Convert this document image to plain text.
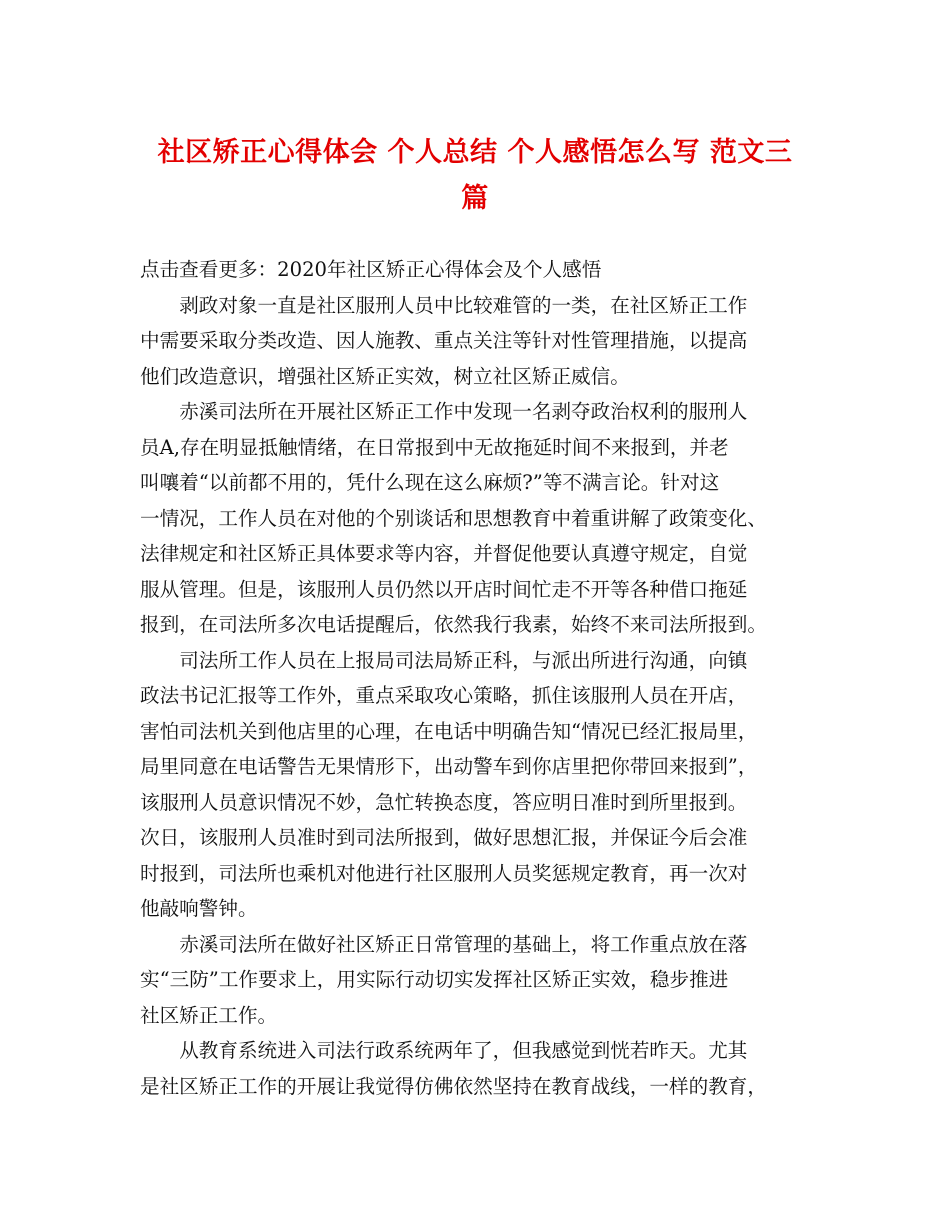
社区矫正心得体会 个人总结 个人感悟怎么写 范文三
篇

点击查看更多：2020年社区矫正心得体会及个人感悟

剥政对象一直是社区服刑人员中比较难管的一类，在社区矫正工作
中需要采取分类改造、因人施教、重点关注等针对性管理措施，以提高
他们改造意识，增强社区矫正实效，树立社区矫正威信。

赤溪司法所在开展社区矫正工作中发现一名剥夺政治权利的服刑人
员A,存在明显抵触情绪，在日常报到中无故拖延时间不来报到，并老
叫嚷着“以前都不用的，凭什么现在这么麻烦?”等不满言论。针对这
一情况，工作人员在对他的个别谈话和思想教育中着重讲解了政策变化、
法律规定和社区矫正具体要求等内容，并督促他要认真遵守规定，自觉
服从管理。但是，该服刑人员仍然以开店时间忙走不开等各种借口拖延
报到，在司法所多次电话提醒后，依然我行我素，始终不来司法所报到。

司法所工作人员在上报局司法局矫正科，与派出所进行沟通，向镇
政法书记汇报等工作外，重点采取攻心策略，抓住该服刑人员在开店，
害怕司法机关到他店里的心理，在电话中明确告知“情况已经汇报局里，
局里同意在电话警告无果情形下，出动警车到你店里把你带回来报到”，
该服刑人员意识情况不妙，急忙转换态度，答应明日准时到所里报到。
次日，该服刑人员准时到司法所报到，做好思想汇报，并保证今后会准
时报到，司法所也乘机对他进行社区服刑人员奖惩规定教育，再一次对
他敲响警钟。

赤溪司法所在做好社区矫正日常管理的基础上，将工作重点放在落
实“三防”工作要求上，用实际行动切实发挥社区矫正实效，稳步推进
社区矫正工作。

从教育系统进入司法行政系统两年了，但我感觉到恍若昨天。尤其
是社区矫正工作的开展让我觉得仿佛依然坚持在教育战线，一样的教育，
